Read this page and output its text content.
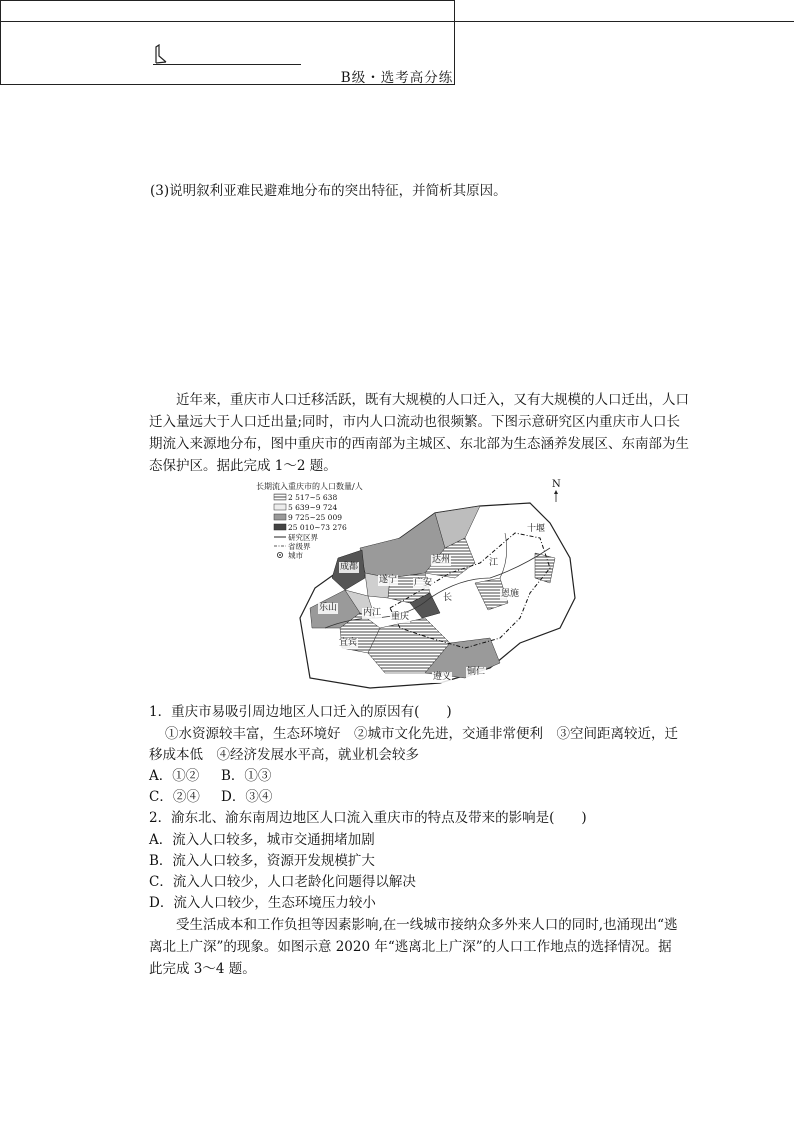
(3)说明叙利亚难民避难地分布的突出特征，并简析其原因。
B级・选考高分练
近年来，重庆市人口迁移活跃，既有大规模的人口迁入，又有大规模的人口迁出，人口
迁入量远大于人口迁出量;同时，市内人口流动也很频繁。下图示意研究区内重庆市人口长
期流入来源地分布，图中重庆市的西南部为主城区、东北部为生态涵养发展区、东南部为生
态保护区。据此完成 1～2 题。
长期流入重庆市的人口数量/人
2 517~5 638
5 639~9 724
9 725~25 009
25 010~73 276
研究区界
省级界
城市
N
成都
遂宁 广安
达州
十堰
江
恩施
长
乐山	内江 重庆
宜宾
遵义 铜仁
1．重庆市易吸引周边地区人口迁入的原因有(　　)
①水资源较丰富，生态环境好　②城市文化先进，交通非常便利　③空间距离较近，迁
移成本低　④经济发展水平高，就业机会较多
A．①② B．①③
C．②④ D．③④
2．渝东北、渝东南周边地区人口流入重庆市的特点及带来的影响是(　　)
A．流入人口较多，城市交通拥堵加剧
B．流入人口较多，资源开发规模扩大
C．流入人口较少，人口老龄化问题得以解决
D．流入人口较少，生态环境压力较小
受生活成本和工作负担等因素影响,在一线城市接纳众多外来人口的同时,也涌现出“逃
离北上广深”的现象。如图示意 2020 年“逃离北上广深”的人口工作地点的选择情况。据
此完成 3～4 题。
